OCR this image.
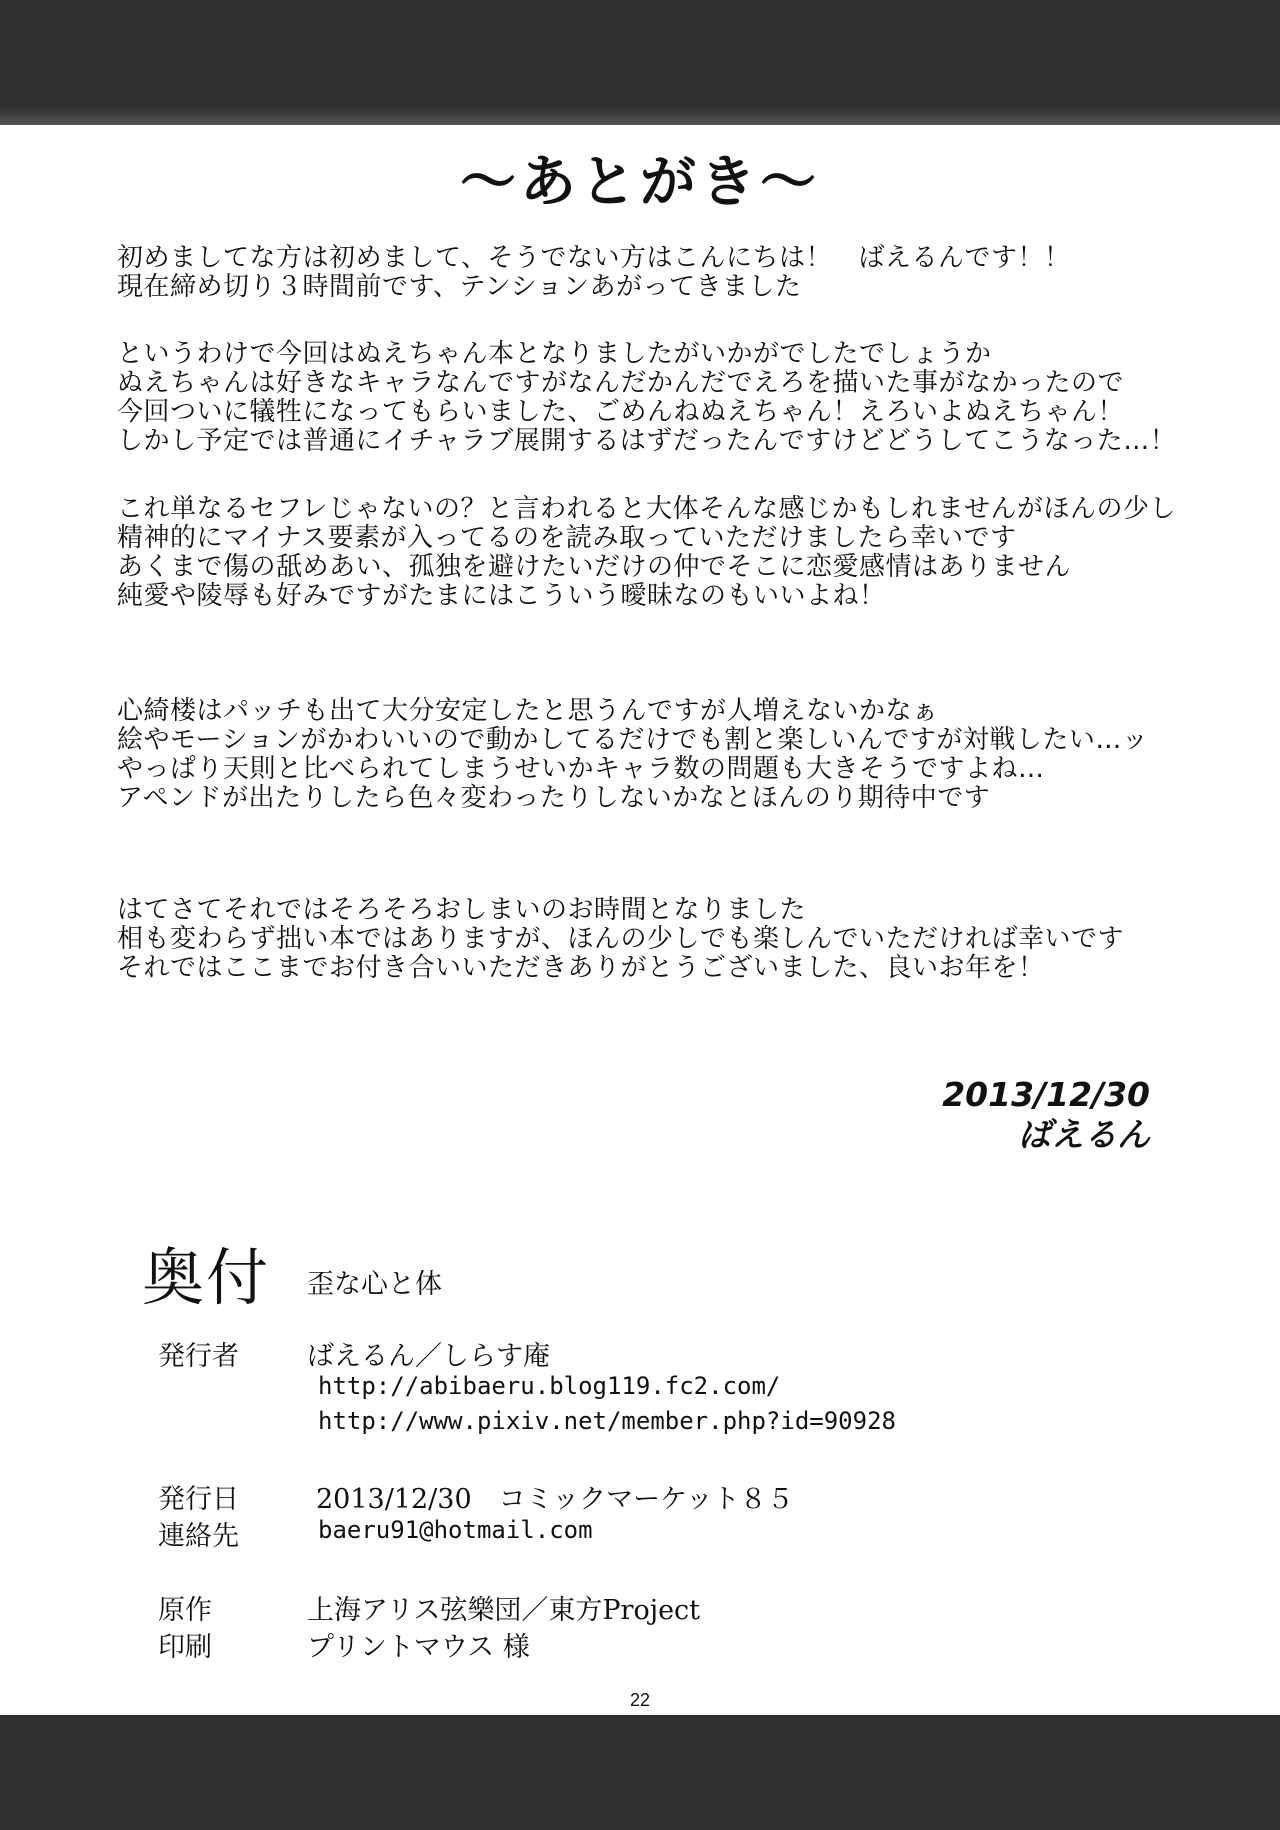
〜あとがき〜
初めましてな方は初めまして、そうでない方はこんにちは！　ばえるんです！！
現在締め切り３時間前です、テンションあがってきました
というわけで今回はぬえちゃん本となりましたがいかがでしたでしょうか
ぬえちゃんは好きなキャラなんですがなんだかんだでえろを描いた事がなかったので
今回ついに犠牲になってもらいました、ごめんねぬえちゃん！えろいよぬえちゃん！
しかし予定では普通にイチャラブ展開するはずだったんですけどどうしてこうなった…！
これ単なるセフレじゃないの？と言われると大体そんな感じかもしれませんがほんの少し
精神的にマイナス要素が入ってるのを読み取っていただけましたら幸いです
あくまで傷の舐めあい、孤独を避けたいだけの仲でそこに恋愛感情はありません
純愛や陵辱も好みですがたまにはこういう曖昧なのもいいよね！
心綺楼はパッチも出て大分安定したと思うんですが人増えないかなぁ
絵やモーションがかわいいので動かしてるだけでも割と楽しいんですが対戦したい…ッ
やっぱり天則と比べられてしまうせいかキャラ数の問題も大きそうですよね…
アペンドが出たりしたら色々変わったりしないかなとほんのり期待中です
はてさてそれではそろそろおしまいのお時間となりました
相も変わらず拙い本ではありますが、ほんの少しでも楽しんでいただければ幸いです
それではここまでお付き合いいただきありがとうございました、良いお年を！
2013/12/30
ばえるん
奥付 歪な心と体
発行者	ばえるん／しらす庵
http://abibaeru.blog119.fc2.com/
http://www.pixiv.net/member.php?id=90928
発行日	2013/12/30　コミックマーケット８５
連絡先	baeru91@hotmail.com
原作	上海アリス弦樂団／東方Project
印刷	プリントマウス 様
22
